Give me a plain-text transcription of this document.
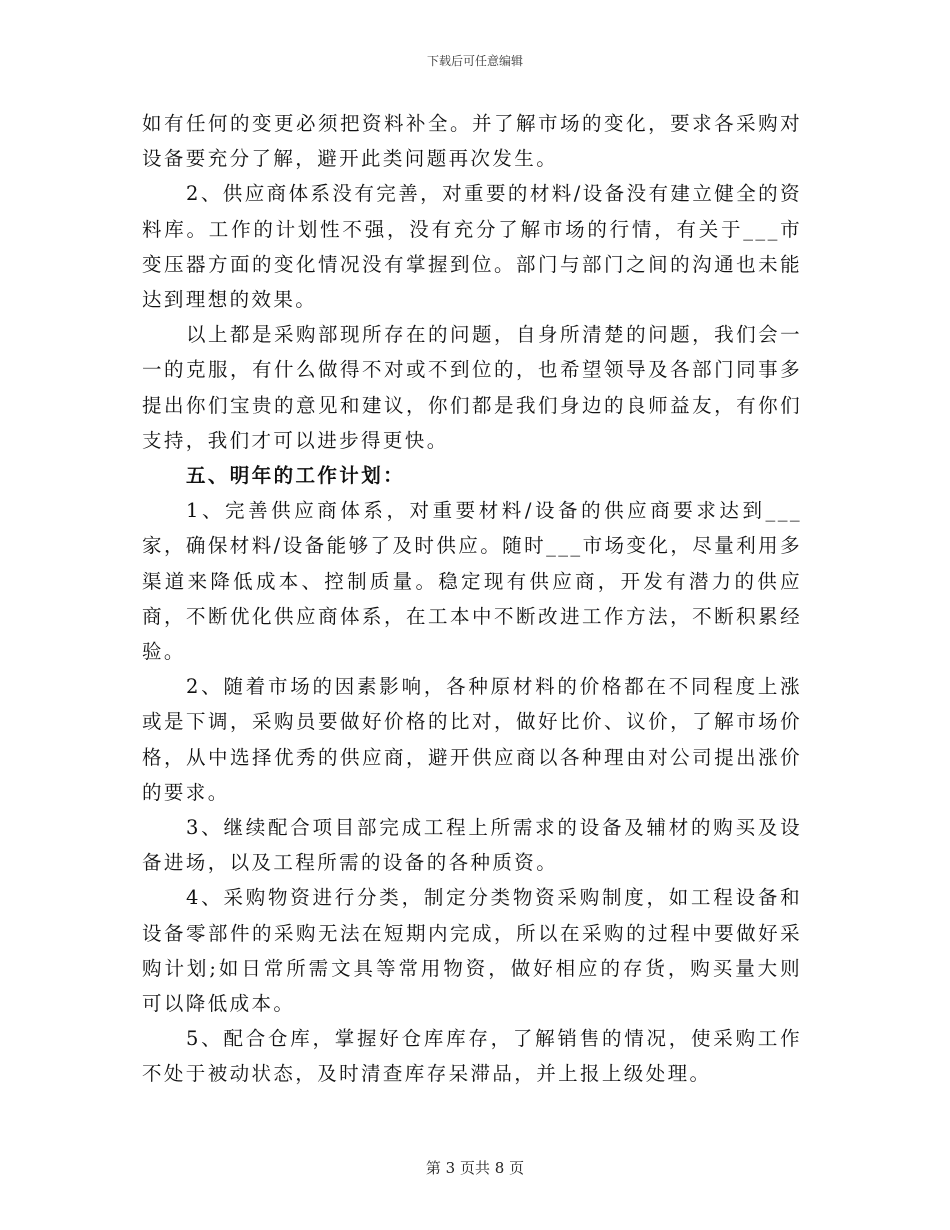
下载后可任意编辑

如有任何的变更必须把资料补全。并了解市场的变化，要求各采购对设备要充分了解，避开此类问题再次发生。

2、供应商体系没有完善，对重要的材料/设备没有建立健全的资料库。工作的计划性不强，没有充分了解市场的行情，有关于___市变压器方面的变化情况没有掌握到位。部门与部门之间的沟通也未能达到理想的效果。

以上都是采购部现所存在的问题，自身所清楚的问题，我们会一一的克服，有什么做得不对或不到位的，也希望领导及各部门同事多提出你们宝贵的意见和建议，你们都是我们身边的良师益友，有你们支持，我们才可以进步得更快。

五、明年的工作计划：

1、完善供应商体系，对重要材料/设备的供应商要求达到___家，确保材料/设备能够了及时供应。随时___市场变化，尽量利用多渠道来降低成本、控制质量。稳定现有供应商，开发有潜力的供应商，不断优化供应商体系，在工本中不断改进工作方法，不断积累经验。

2、随着市场的因素影响，各种原材料的价格都在不同程度上涨或是下调，采购员要做好价格的比对，做好比价、议价，了解市场价格，从中选择优秀的供应商，避开供应商以各种理由对公司提出涨价的要求。

3、继续配合项目部完成工程上所需求的设备及辅材的购买及设备进场，以及工程所需的设备的各种质资。

4、采购物资进行分类，制定分类物资采购制度，如工程设备和设备零部件的采购无法在短期内完成，所以在采购的过程中要做好采购计划;如日常所需文具等常用物资，做好相应的存货，购买量大则可以降低成本。

5、配合仓库，掌握好仓库库存，了解销售的情况，使采购工作不处于被动状态，及时清查库存呆滞品，并上报上级处理。

第 3 页共 8 页
